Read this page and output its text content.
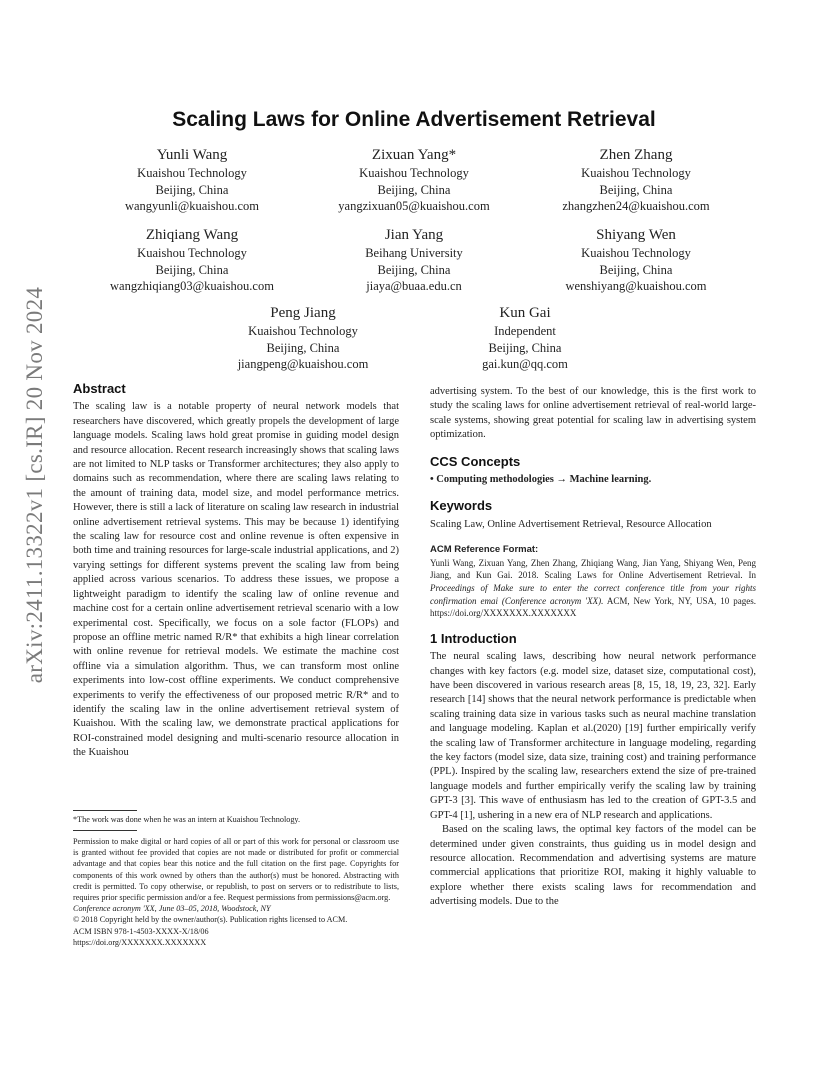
arXiv:2411.13322v1 [cs.IR] 20 Nov 2024
Scaling Laws for Online Advertisement Retrieval
Yunli Wang
Kuaishou Technology
Beijing, China
wangyunli@kuaishou.com
Zixuan Yang*
Kuaishou Technology
Beijing, China
yangzixuan05@kuaishou.com
Zhen Zhang
Kuaishou Technology
Beijing, China
zhangzhen24@kuaishou.com
Zhiqiang Wang
Kuaishou Technology
Beijing, China
wangzhiqiang03@kuaishou.com
Jian Yang
Beihang University
Beijing, China
jiaya@buaa.edu.cn
Shiyang Wen
Kuaishou Technology
Beijing, China
wenshiyang@kuaishou.com
Peng Jiang
Kuaishou Technology
Beijing, China
jiangpeng@kuaishou.com
Kun Gai
Independent
Beijing, China
gai.kun@qq.com
Abstract

The scaling law is a notable property of neural network models that researchers have discovered, which greatly propels the development of large language models. Scaling laws hold great promise in guiding model design and resource allocation. Recent research increasingly shows that scaling laws are not limited to NLP tasks or Transformer architectures; they also apply to domains such as recommendation, where there are scaling laws relating to the amount of training data, model size, and model performance metrics. However, there is still a lack of literature on scaling law research in industrial online advertisement retrieval systems. This may be because 1) identifying the scaling law for resource cost and online revenue is often expensive in both time and training resources for large-scale industrial applications, and 2) varying settings for different systems prevent the scaling law from being applied across various scenarios. To address these issues, we propose a lightweight paradigm to identify the scaling law of online revenue and machine cost for a certain online advertisement retrieval scenario with a low experimental cost. Specifically, we focus on a sole factor (FLOPs) and propose an offline metric named R/R* that exhibits a high linear correlation with online revenue for retrieval models. We estimate the machine cost offline via a simulation algorithm. Thus, we can transform most online experiments into low-cost offline experiments. We conduct comprehensive experiments to verify the effectiveness of our proposed metric R/R* and to identify the scaling law in the online advertisement retrieval system of Kuaishou. With the scaling law, we demonstrate practical applications for ROI-constrained model designing and multi-scenario resource allocation in the Kuaishou

*The work was done when he was an intern at Kuaishou Technology.

Permission to make digital or hard copies of all or part of this work for personal or classroom use is granted without fee provided that copies are not made or distributed for profit or commercial advantage and that copies bear this notice and the full citation on the first page. Copyrights for components of this work owned by others than the author(s) must be honored. Abstracting with credit is permitted. To copy otherwise, or republish, to post on servers or to redistribute to lists, requires prior specific permission and/or a fee. Request permissions from permissions@acm.org.

Conference acronym 'XX, June 03–05, 2018, Woodstock, NY
© 2018 Copyright held by the owner/author(s). Publication rights licensed to ACM.
ACM ISBN 978-1-4503-XXXX-X/18/06
https://doi.org/XXXXXXX.XXXXXXX

advertising system. To the best of our knowledge, this is the first work to study the scaling laws for online advertisement retrieval of real-world large-scale systems, showing great potential for scaling law in advertising system optimization.

CCS Concepts

• Computing methodologies → Machine learning.

Keywords

Scaling Law, Online Advertisement Retrieval, Resource Allocation

ACM Reference Format:

Yunli Wang, Zixuan Yang, Zhen Zhang, Zhiqiang Wang, Jian Yang, Shiyang Wen, Peng Jiang, and Kun Gai. 2018. Scaling Laws for Online Advertisement Retrieval. In Proceedings of Make sure to enter the correct conference title from your rights confirmation emai (Conference acronym 'XX). ACM, New York, NY, USA, 10 pages. https://doi.org/XXXXXXX.XXXXXXX

1 Introduction

The neural scaling laws, describing how neural network performance changes with key factors (e.g. model size, dataset size, computational cost), have been discovered in various research areas [8, 15, 18, 19, 23, 32]. Early research [14] shows that the neural network performance is predictable when scaling training data size in various tasks such as neural machine translation and language modeling. Kaplan et al.(2020) [19] further empirically verify the scaling law of Transformer architecture in language modeling, regarding the key factors (model size, data size, training cost) and training performance (PPL). Inspired by the scaling law, researchers extend the size of pre-trained language models and further empirically verify the scaling law by training GPT-3 [3]. This wave of enthusiasm has led to the creation of GPT-3.5 and GPT-4 [1], ushering in a new era of NLP research and applications.

Based on the scaling laws, the optimal key factors of the model can be determined under given constraints, thus guiding us in model design and resource allocation. Recommendation and advertising systems are mature commercial applications that prioritize ROI, making it highly valuable to explore whether there exists scaling laws for recommendation and advertising models. Due to the
